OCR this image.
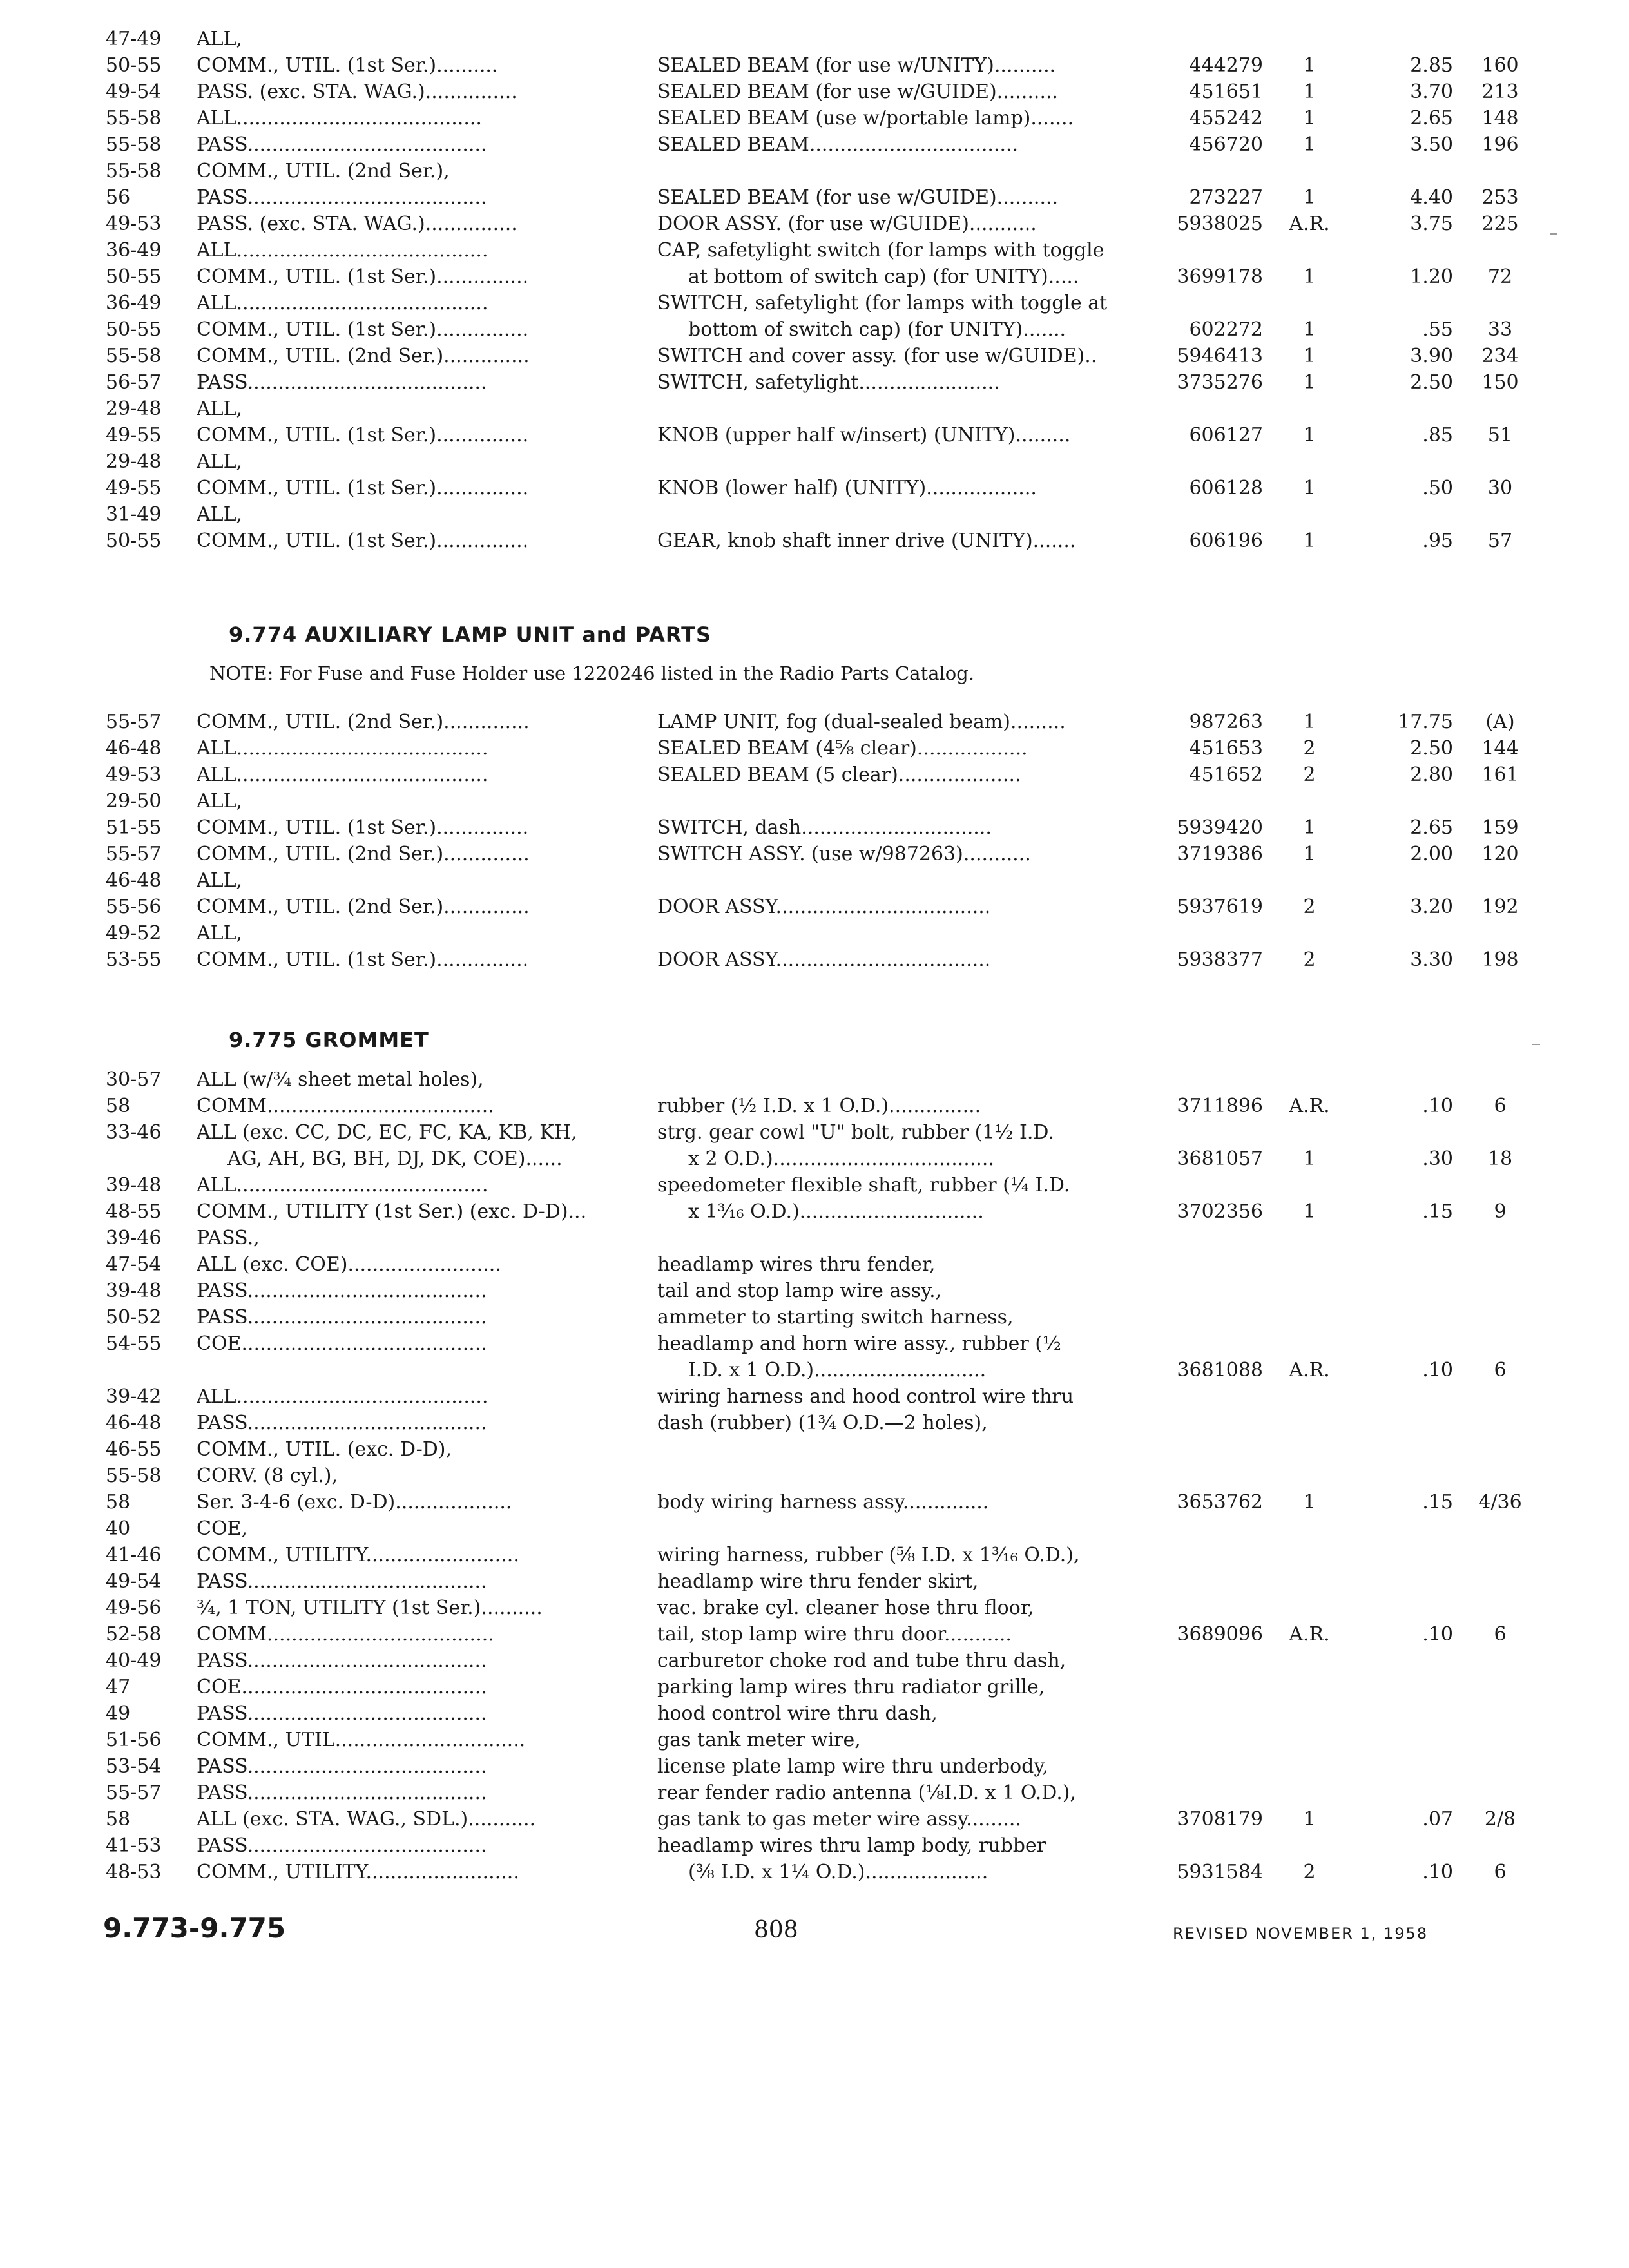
47-49	ALL,
50-55	COMM., UTIL. (1st Ser.)..........	SEALED BEAM (for use w/UNITY)..........	444279	1	2.85	160
49-54	PASS. (exc. STA. WAG.)...............	SEALED BEAM (for use w/GUIDE)..........	451651	1	3.70	213
55-58	ALL........................................	SEALED BEAM (use w/portable lamp).......	455242	1	2.65	148
55-58	PASS.......................................	SEALED BEAM..................................	456720	1	3.50	196
55-58	COMM., UTIL. (2nd Ser.),
56	PASS.......................................	SEALED BEAM (for use w/GUIDE)..........	273227	1	4.40	253
49-53	PASS. (exc. STA. WAG.)...............	DOOR ASSY. (for use w/GUIDE)...........	5938025	A.R.	3.75	225
36-49	ALL.........................................	CAP, safetylight switch (for lamps with toggle
50-55	COMM., UTIL. (1st Ser.)...............	at bottom of switch cap) (for UNITY).....	3699178	1	1.20	72
36-49	ALL.........................................	SWITCH, safetylight (for lamps with toggle at
50-55	COMM., UTIL. (1st Ser.)...............	bottom of switch cap) (for UNITY).......	602272	1	.55	33
55-58	COMM., UTIL. (2nd Ser.)..............	SWITCH and cover assy. (for use w/GUIDE)..	5946413	1	3.90	234
56-57	PASS.......................................	SWITCH, safetylight.......................	3735276	1	2.50	150
29-48	ALL,
49-55	COMM., UTIL. (1st Ser.)...............	KNOB (upper half w/insert) (UNITY).........	606127	1	.85	51
29-48	ALL,
49-55	COMM., UTIL. (1st Ser.)...............	KNOB (lower half) (UNITY)..................	606128	1	.50	30
31-49	ALL,
50-55	COMM., UTIL. (1st Ser.)...............	GEAR, knob shaft inner drive (UNITY).......	606196	1	.95	57
9.774 AUXILIARY LAMP UNIT and PARTS
NOTE: For Fuse and Fuse Holder use 1220246 listed in the Radio Parts Catalog.
55-57	COMM., UTIL. (2nd Ser.)..............	LAMP UNIT, fog (dual-sealed beam).........	987263	1	17.75	(A)
46-48	ALL.........................................	SEALED BEAM (4⅝ clear)..................	451653	2	2.50	144
49-53	ALL.........................................	SEALED BEAM (5 clear)....................	451652	2	2.80	161
29-50	ALL,
51-55	COMM., UTIL. (1st Ser.)...............	SWITCH, dash...............................	5939420	1	2.65	159
55-57	COMM., UTIL. (2nd Ser.)..............	SWITCH ASSY. (use w/987263)...........	3719386	1	2.00	120
46-48	ALL,
55-56	COMM., UTIL. (2nd Ser.)..............	DOOR ASSY...................................	5937619	2	3.20	192
49-52	ALL,
53-55	COMM., UTIL. (1st Ser.)...............	DOOR ASSY...................................	5938377	2	3.30	198
9.775 GROMMET
30-57	ALL (w/¾ sheet metal holes),
58	COMM.....................................	rubber (½ I.D. x 1 O.D.)...............	3711896	A.R.	.10	6
33-46	ALL (exc. CC, DC, EC, FC, KA, KB, KH,	strg. gear cowl "U" bolt, rubber (1½ I.D.
AG, AH, BG, BH, DJ, DK, COE)......	x 2 O.D.)....................................	3681057	1	.30	18
39-48	ALL.........................................	speedometer flexible shaft, rubber (¼ I.D.
48-55	COMM., UTILITY (1st Ser.) (exc. D-D)...	x 1³⁄₁₆ O.D.)..............................	3702356	1	.15	9
39-46	PASS.,
47-54	ALL (exc. COE).........................	headlamp wires thru fender,
39-48	PASS.......................................	tail and stop lamp wire assy.,
50-52	PASS.......................................	ammeter to starting switch harness,
54-55	COE........................................	headlamp and horn wire assy., rubber (½
I.D. x 1 O.D.)............................	3681088	A.R.	.10	6
39-42	ALL.........................................	wiring harness and hood control wire thru
46-48	PASS.......................................	dash (rubber) (1¾ O.D.—2 holes),
46-55	COMM., UTIL. (exc. D-D),
55-58	CORV. (8 cyl.),
58	Ser. 3-4-6 (exc. D-D)...................	body wiring harness assy..............	3653762	1	.15	4/36
40	COE,
41-46	COMM., UTILITY.........................	wiring harness, rubber (⅝ I.D. x 1³⁄₁₆ O.D.),
49-54	PASS.......................................	headlamp wire thru fender skirt,
49-56	¾, 1 TON, UTILITY (1st Ser.)..........	vac. brake cyl. cleaner hose thru floor,
52-58	COMM.....................................	tail, stop lamp wire thru door...........	3689096	A.R.	.10	6
40-49	PASS.......................................	carburetor choke rod and tube thru dash,
47	COE........................................	parking lamp wires thru radiator grille,
49	PASS.......................................	hood control wire thru dash,
51-56	COMM., UTIL...............................	gas tank meter wire,
53-54	PASS.......................................	license plate lamp wire thru underbody,
55-57	PASS.......................................	rear fender radio antenna (⅛I.D. x 1 O.D.),
58	ALL (exc. STA. WAG., SDL.)...........	gas tank to gas meter wire assy.........	3708179	1	.07	2/8
41-53	PASS.......................................	headlamp wires thru lamp body, rubber
48-53	COMM., UTILITY.........................	(⅜ I.D. x 1¼ O.D.)....................	5931584	2	.10	6
9.773-9.775	808	REVISED NOVEMBER 1, 1958
